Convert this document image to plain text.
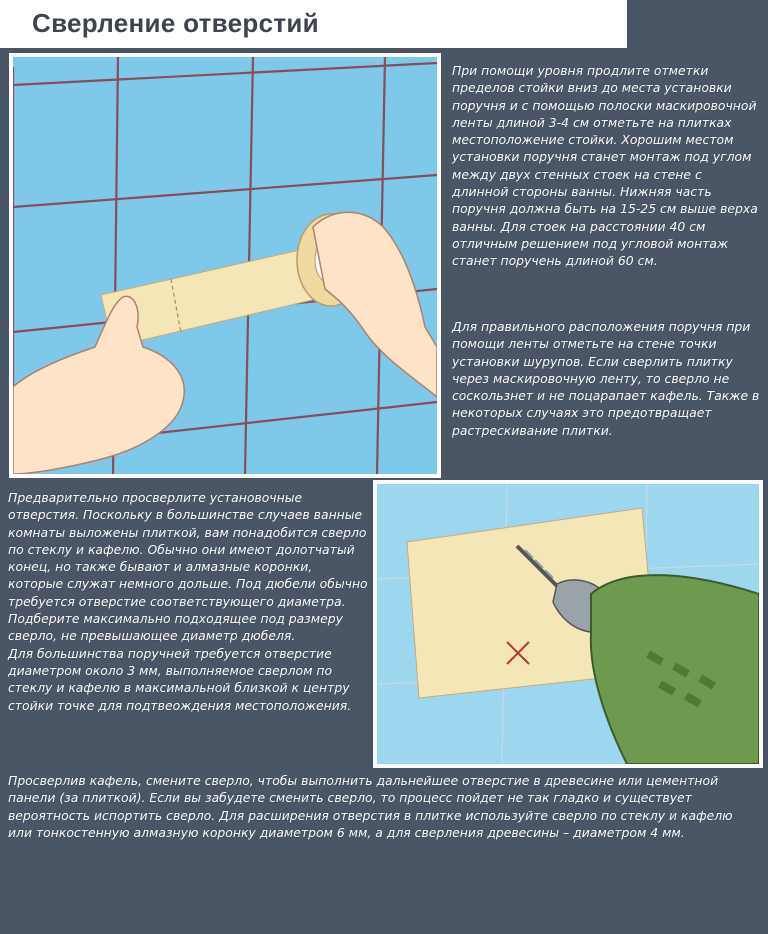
Сверление отверстий

При помощи уровня продлите отметки пределов стойки вниз до места установки поручня и с помощью полоски маскировочной ленты длиной 3-4 см отметьте на плитках местоположение стойки. Хорошим местом установки поручня станет монтаж под углом между двух стенных стоек на стене с длинной стороны ванны. Нижняя часть поручня должна быть на 15-25 см выше верха ванны. Для стоек на расстоянии 40 см отличным решением под угловой монтаж станет поручень длиной 60 см.

Для правильного расположения поручня при помощи ленты отметьте на стене точки установки шурупов. Если сверлить плитку через маскировочную ленту, то сверло не соскользнет и не поцарапает кафель. Также в некоторых случаях это предотвращает растрескивание плитки.

Предварительно просверлите установочные отверстия. Поскольку в большинстве случаев ванные комнаты выложены плиткой, вам понадобится сверло по стеклу и кафелю. Обычно они имеют долотчатый конец, но также бывают и алмазные коронки, которые служат немного дольше. Под дюбели обычно требуется отверстие соответствующего диаметра. Подберите максимально подходящее под размеру сверло, не превышающее диаметр дюбеля.
Для большинства поручней требуется отверстие диаметром около 3 мм, выполняемое сверлом по стеклу и кафелю в максимальной близкой к центру стойки точке для подтвеождения местоположения.

Просверлив кафель, смените сверло, чтобы выполнить дальнейшее отверстие в древесине или цементной панели (за плиткой). Если вы забудете сменить сверло, то процесс пойдет не так гладко и существует вероятность испортить сверло. Для расширения отверстия в плитке используйте сверло по стеклу и кафелю или тонкостенную алмазную коронку диаметром 6 мм, а для сверления древесины – диаметром 4 мм.
